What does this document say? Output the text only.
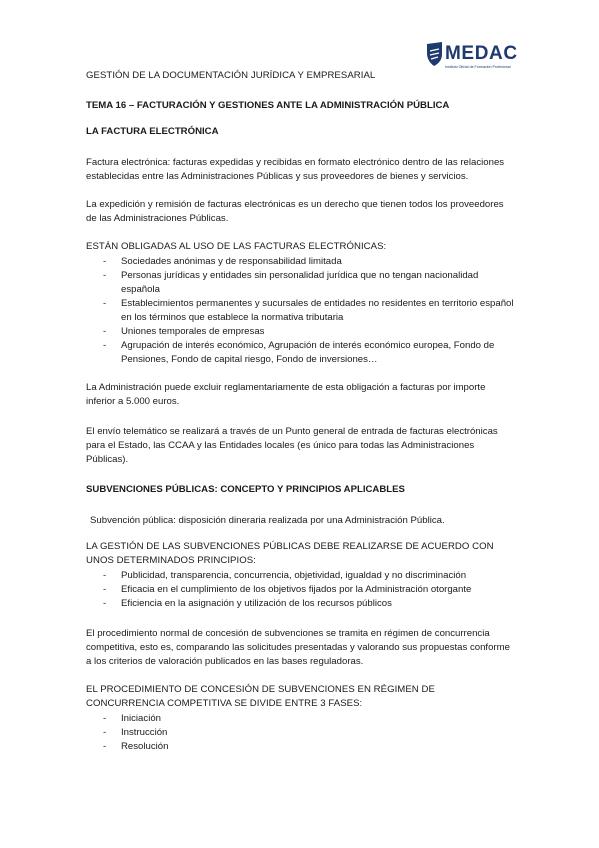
MEDAC
Instituto Oficial de Formación Profesional

GESTIÓN DE LA DOCUMENTACIÓN JURÍDICA Y EMPRESARIAL

TEMA 16 – FACTURACIÓN Y GESTIONES ANTE LA ADMINISTRACIÓN PÚBLICA

LA FACTURA ELECTRÓNICA

Factura electrónica: facturas expedidas y recibidas en formato electrónico dentro de las relaciones establecidas entre las Administraciones Públicas y sus proveedores de bienes y servicios.

La expedición y remisión de facturas electrónicas es un derecho que tienen todos los proveedores de las Administraciones Públicas.

ESTÁN OBLIGADAS AL USO DE LAS FACTURAS ELECTRÓNICAS:

- Sociedades anónimas y de responsabilidad limitada
- Personas jurídicas y entidades sin personalidad jurídica que no tengan nacionalidad española
- Establecimientos permanentes y sucursales de entidades no residentes en territorio español en los términos que establece la normativa tributaria
- Uniones temporales de empresas
- Agrupación de interés económico, Agrupación de interés económico europea, Fondo de Pensiones, Fondo de capital riesgo, Fondo de inversiones…

La Administración puede excluir reglamentariamente de esta obligación a facturas por importe inferior a 5.000 euros.

El envío telemático se realizará a través de un Punto general de entrada de facturas electrónicas para el Estado, las CCAA y las Entidades locales (es único para todas las Administraciones Públicas).

SUBVENCIONES PÚBLICAS: CONCEPTO Y PRINCIPIOS APLICABLES

Subvención pública: disposición dineraria realizada por una Administración Pública.

LA GESTIÓN DE LAS SUBVENCIONES PÚBLICAS DEBE REALIZARSE DE ACUERDO CON UNOS DETERMINADOS PRINCIPIOS:

- Publicidad, transparencia, concurrencia, objetividad, igualdad y no discriminación
- Eficacia en el cumplimiento de los objetivos fijados por la Administración otorgante
- Eficiencia en la asignación y utilización de los recursos públicos

El procedimiento normal de concesión de subvenciones se tramita en régimen de concurrencia competitiva, esto es, comparando las solicitudes presentadas y valorando sus propuestas conforme a los criterios de valoración publicados en las bases reguladoras.

EL PROCEDIMIENTO DE CONCESIÓN DE SUBVENCIONES EN RÉGIMEN DE CONCURRENCIA COMPETITIVA SE DIVIDE ENTRE 3 FASES:

- Iniciación
- Instrucción
- Resolución
